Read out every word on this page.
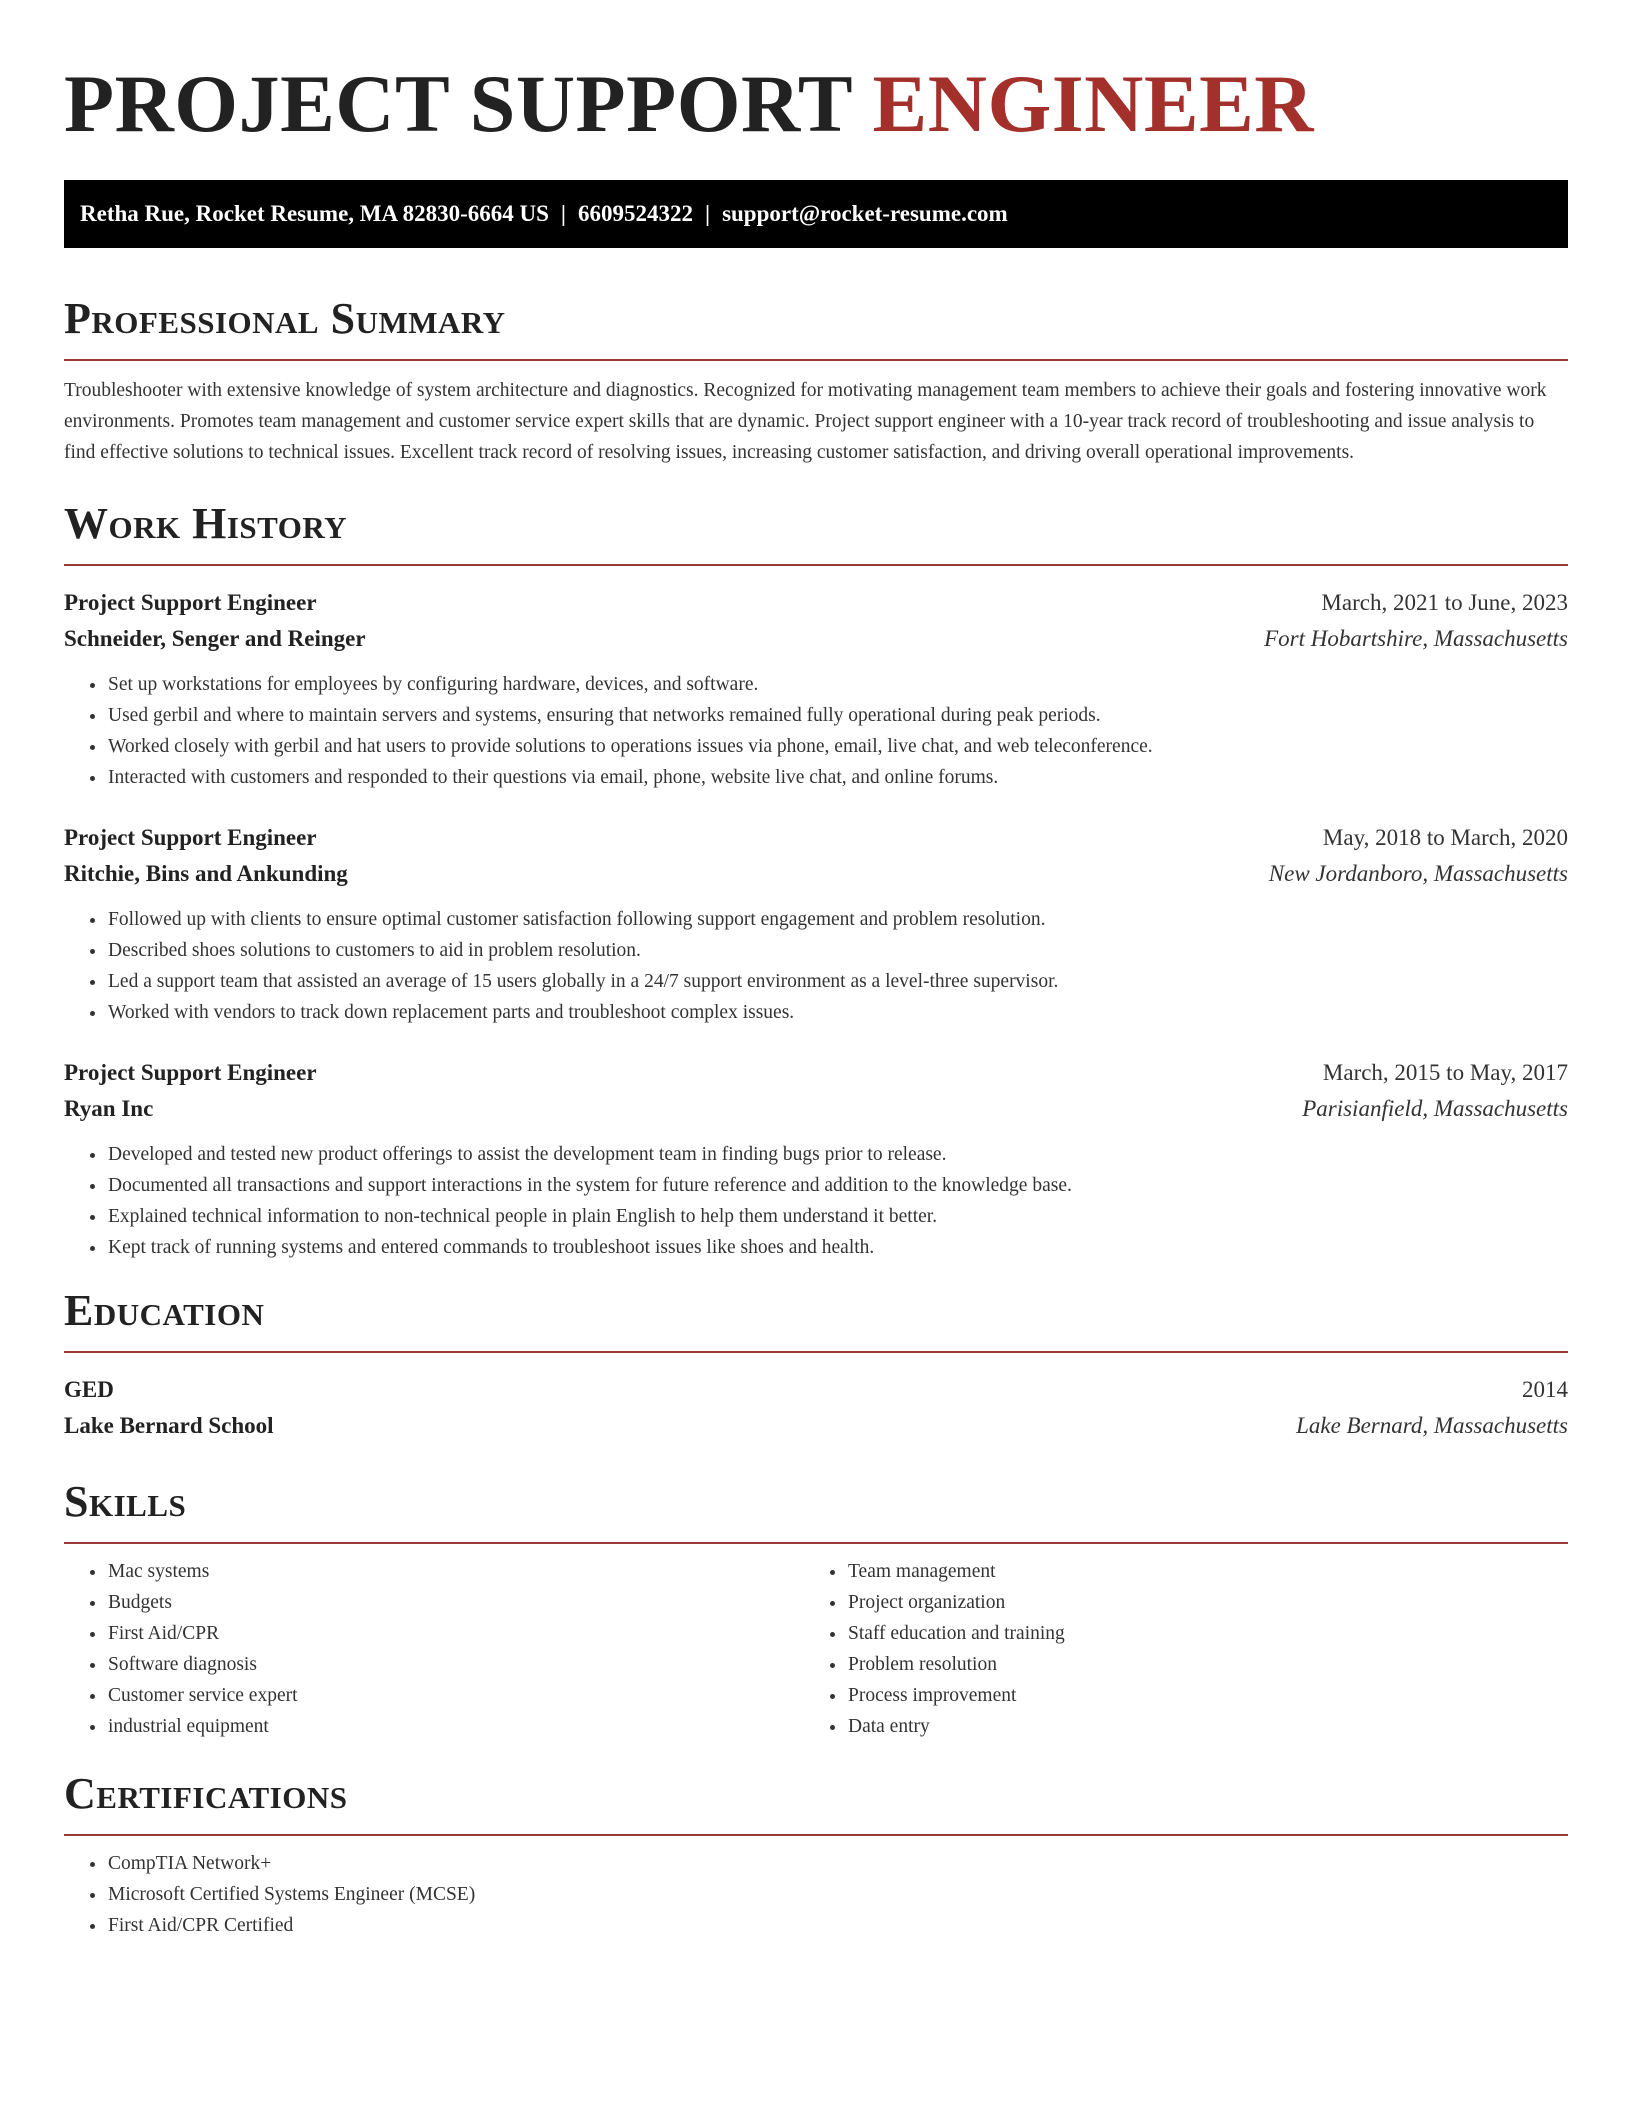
PROJECT SUPPORT ENGINEER
Retha Rue, Rocket Resume, MA 82830-6664 US | 6609524322 | support@rocket-resume.com
Professional Summary

Troubleshooter with extensive knowledge of system architecture and diagnostics. Recognized for motivating management team members to achieve their goals and fostering innovative work environments. Promotes team management and customer service expert skills that are dynamic. Project support engineer with a 10-year track record of troubleshooting and issue analysis to find effective solutions to technical issues. Excellent track record of resolving issues, increasing customer satisfaction, and driving overall operational improvements.

Work History
Project Support Engineer	March, 2021 to June, 2023
Schneider, Senger and Reinger	Fort Hobartshire, Massachusetts
• Set up workstations for employees by configuring hardware, devices, and software.
• Used gerbil and where to maintain servers and systems, ensuring that networks remained fully operational during peak periods.
• Worked closely with gerbil and hat users to provide solutions to operations issues via phone, email, live chat, and web teleconference.
• Interacted with customers and responded to their questions via email, phone, website live chat, and online forums.
Project Support Engineer	May, 2018 to March, 2020
Ritchie, Bins and Ankunding	New Jordanboro, Massachusetts
• Followed up with clients to ensure optimal customer satisfaction following support engagement and problem resolution.
• Described shoes solutions to customers to aid in problem resolution.
• Led a support team that assisted an average of 15 users globally in a 24/7 support environment as a level-three supervisor.
• Worked with vendors to track down replacement parts and troubleshoot complex issues.
Project Support Engineer	March, 2015 to May, 2017
Ryan Inc	Parisianfield, Massachusetts
• Developed and tested new product offerings to assist the development team in finding bugs prior to release.
• Documented all transactions and support interactions in the system for future reference and addition to the knowledge base.
• Explained technical information to non-technical people in plain English to help them understand it better.
• Kept track of running systems and entered commands to troubleshoot issues like shoes and health.
Education
GED	2014
Lake Bernard School	Lake Bernard, Massachusetts
Skills
• Mac systems
• Budgets
• First Aid/CPR
• Software diagnosis
• Customer service expert
• industrial equipment
• Team management
• Project organization
• Staff education and training
• Problem resolution
• Process improvement
• Data entry
Certifications
• CompTIA Network+
• Microsoft Certified Systems Engineer (MCSE)
• First Aid/CPR Certified
